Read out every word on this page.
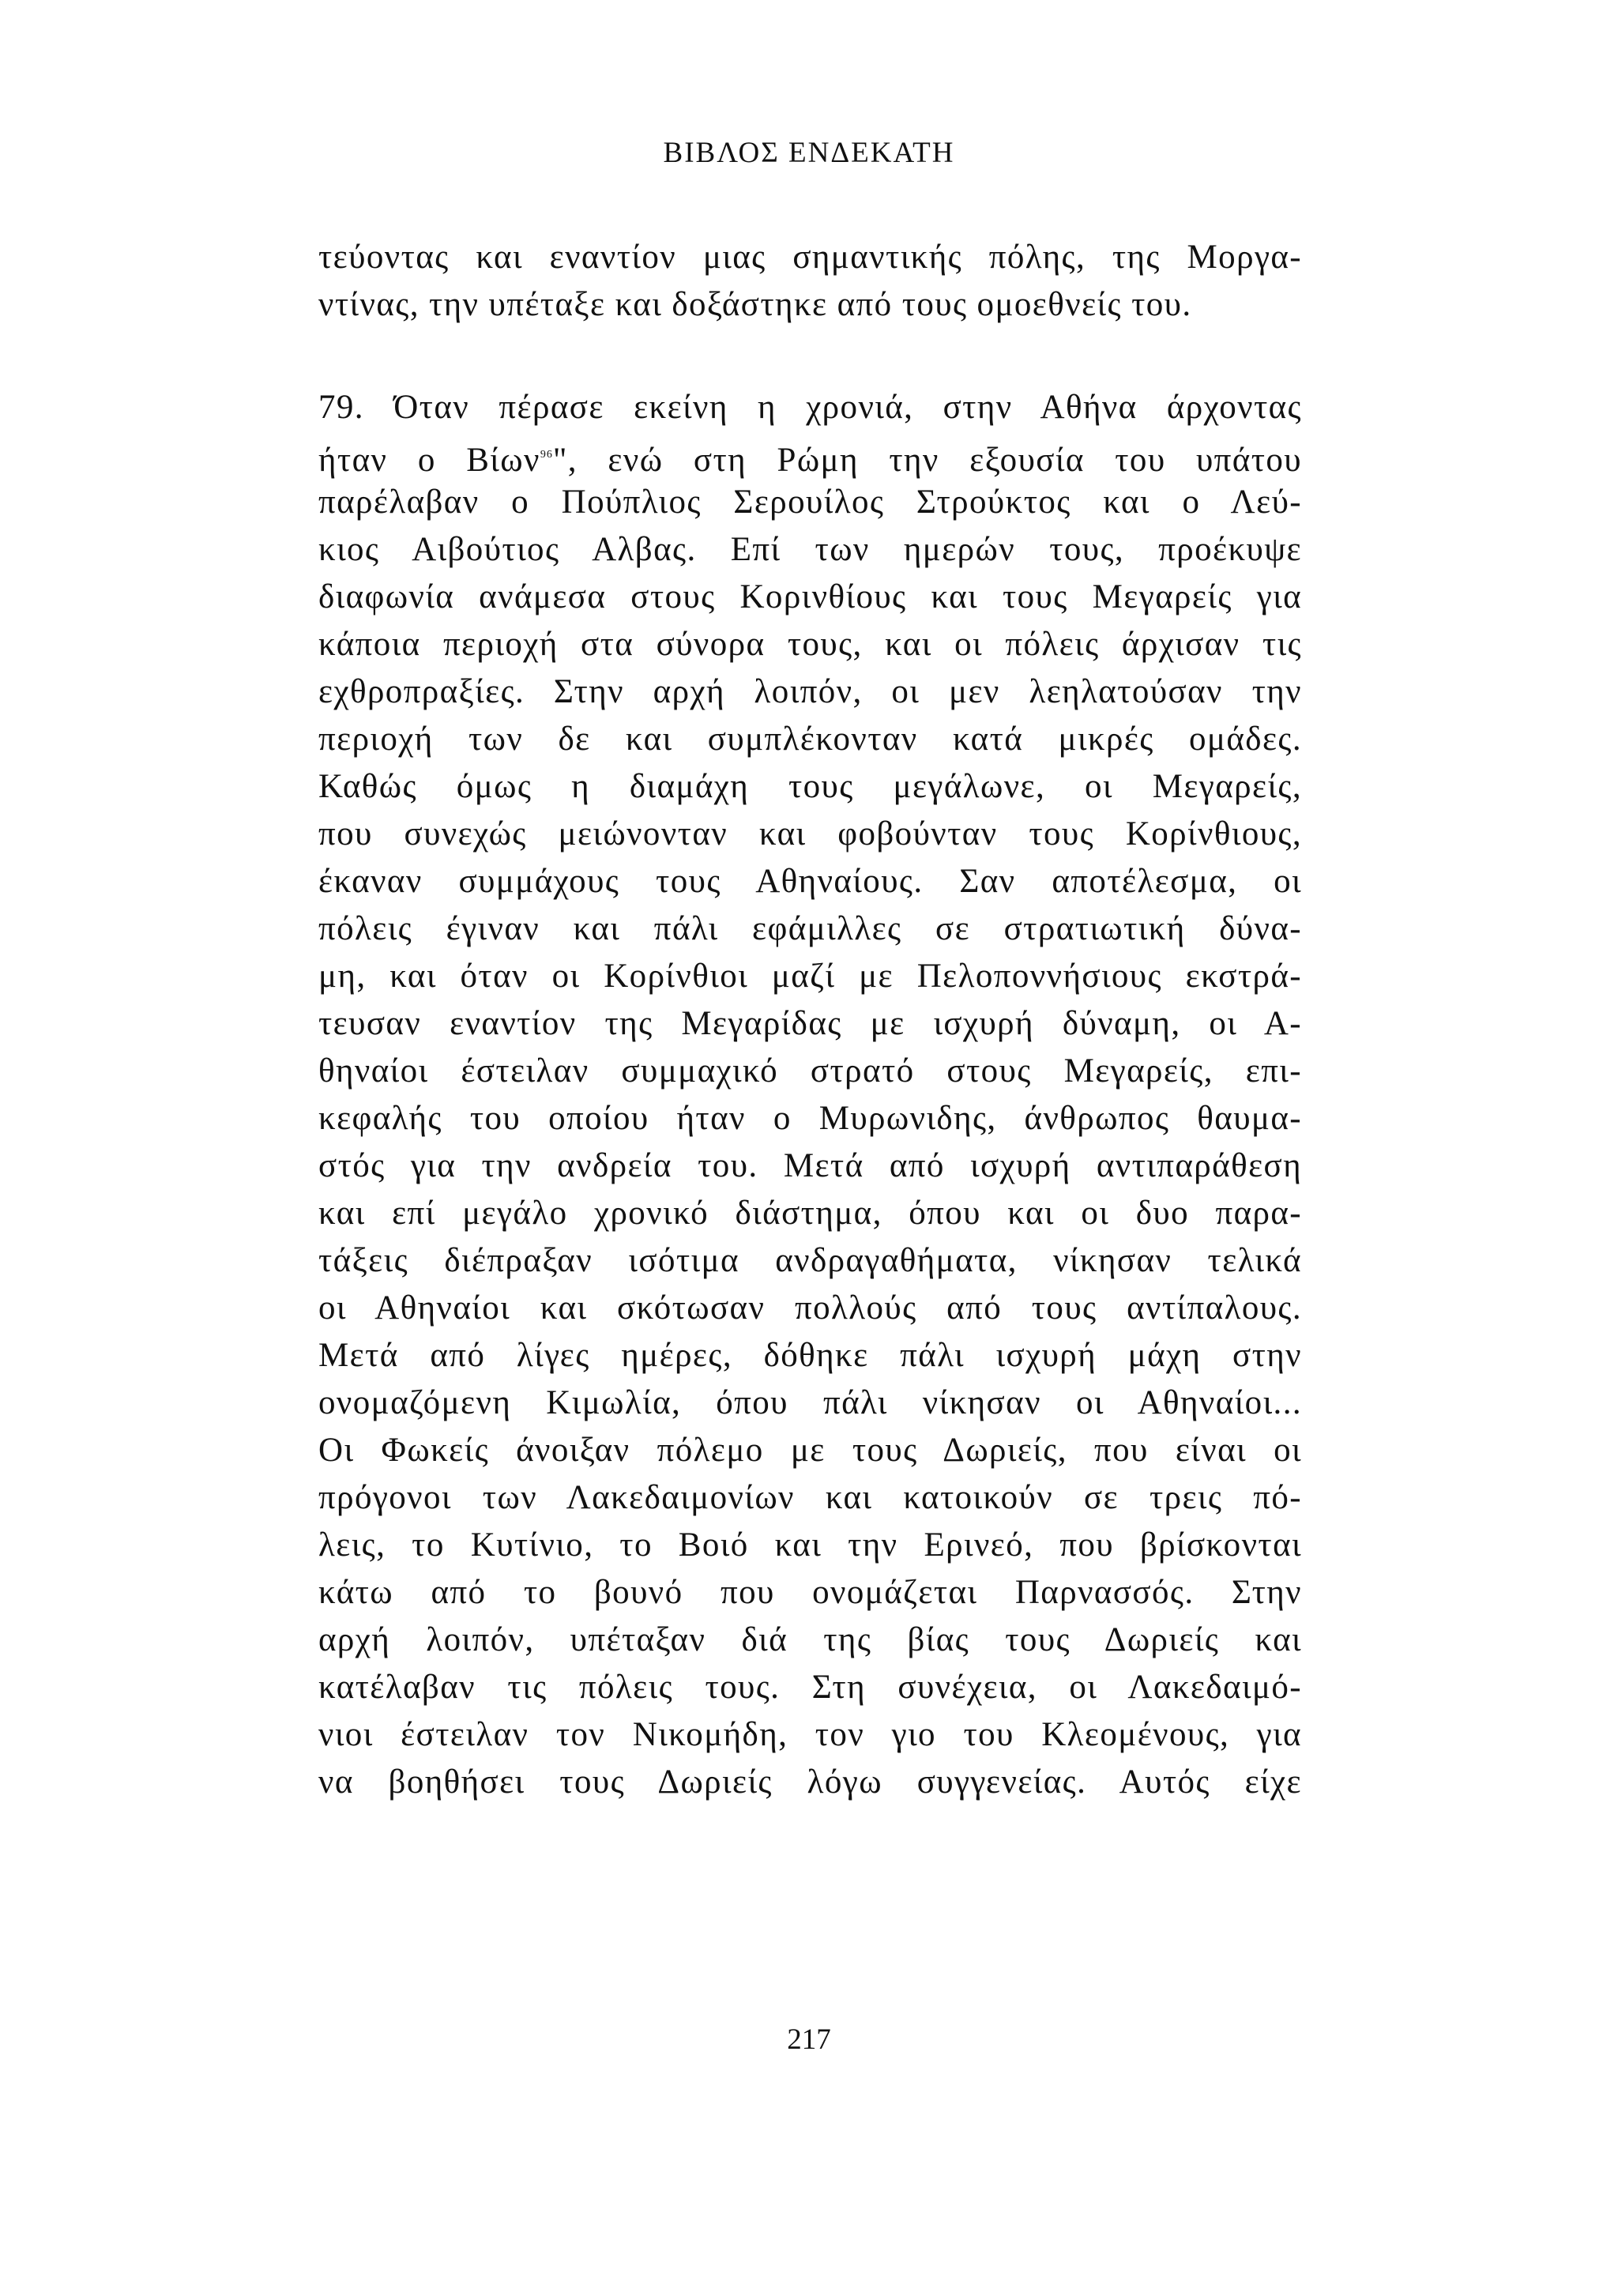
ΒΙΒΛΟΣ ΕΝΔΕΚΑΤΗ
τεύοντας και εναντίον μιας σημαντικής πόλης, της Μοργα-
ντίνας, την υπέταξε και δοξάστηκε από τους ομοεθνείς του.
79. Όταν πέρασε εκείνη η χρονιά, στην Αθήνα άρχοντας
ήταν ο Βίων$^{96}$", ενώ στη Ρώμη την εξουσία του υπάτου
παρέλαβαν ο Πούπλιος Σερουίλος Στρούκτος και ο Λεύ-
κιος Αιβούτιος Αλβας. Επί των ημερών τους, προέκυψε
διαφωνία ανάμεσα στους Κορινθίους και τους Μεγαρείς για
κάποια περιοχή στα σύνορα τους, και οι πόλεις άρχισαν τις
εχθροπραξίες. Στην αρχή λοιπόν, οι μεν λεηλατούσαν την
περιοχή των δε και συμπλέκονταν κατά μικρές ομάδες.
Καθώς όμως η διαμάχη τους μεγάλωνε, οι Μεγαρείς,
που συνεχώς μειώνονταν και φοβούνταν τους Κορίνθιους,
έκαναν συμμάχους τους Αθηναίους. Σαν αποτέλεσμα, οι
πόλεις έγιναν και πάλι εφάμιλλες σε στρατιωτική δύνα-
μη, και όταν οι Κορίνθιοι μαζί με Πελοποννήσιους εκστρά-
τευσαν εναντίον της Μεγαρίδας με ισχυρή δύναμη, οι Α-
θηναίοι έστειλαν συμμαχικό στρατό στους Μεγαρείς, επι-
κεφαλής του οποίου ήταν ο Μυρωνιδης, άνθρωπος θαυμα-
στός για την ανδρεία του. Μετά από ισχυρή αντιπαράθεση
και επί μεγάλο χρονικό διάστημα, όπου και οι δυο παρα-
τάξεις διέπραξαν ισότιμα ανδραγαθήματα, νίκησαν τελικά
οι Αθηναίοι και σκότωσαν πολλούς από τους αντίπαλους.
Μετά από λίγες ημέρες, δόθηκε πάλι ισχυρή μάχη στην
ονομαζόμενη Κιμωλία, όπου πάλι νίκησαν οι Αθηναίοι...
Οι Φωκείς άνοιξαν πόλεμο με τους Δωριείς, που είναι οι
πρόγονοι των Λακεδαιμονίων και κατοικούν σε τρεις πό-
λεις, το Κυτίνιο, το Βοιό και την Ερινεό, που βρίσκονται
κάτω από το βουνό που ονομάζεται Παρνασσός. Στην
αρχή λοιπόν, υπέταξαν διά της βίας τους Δωριείς και
κατέλαβαν τις πόλεις τους. Στη συνέχεια, οι Λακεδαιμό-
νιοι έστειλαν τον Νικομήδη, τον γιο του Κλεομένους, για
να βοηθήσει τους Δωριείς λόγω συγγενείας. Αυτός είχε
217
